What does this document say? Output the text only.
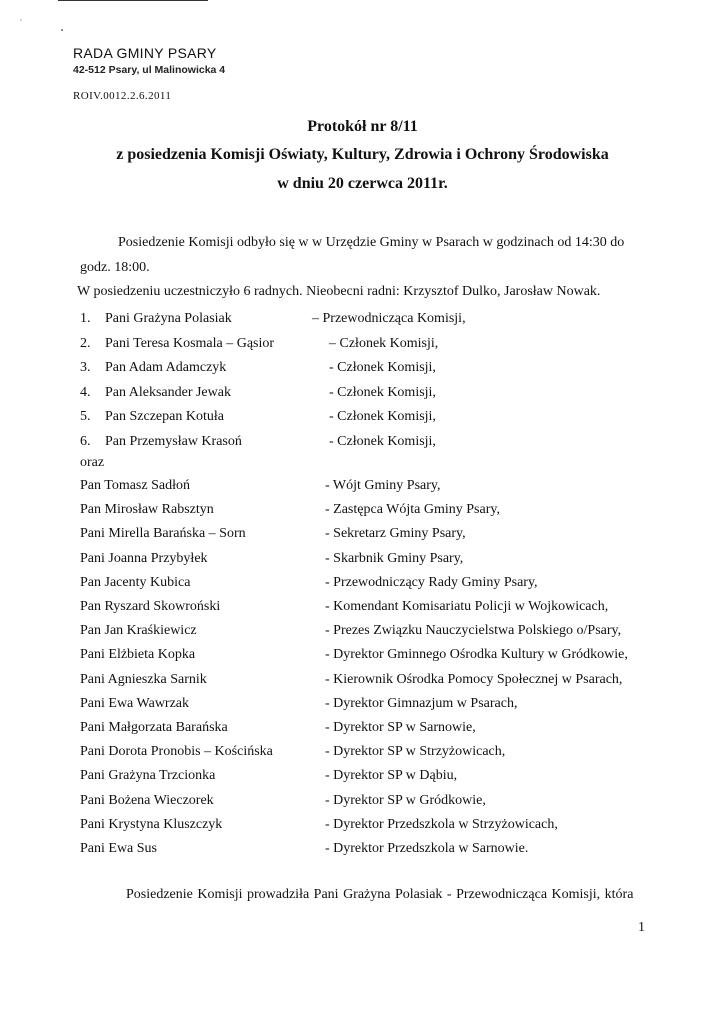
RADA GMINY PSARY
42-512 Psary, ul Malinowicka 4
ROIV.0012.2.6.2011
Protokół nr 8/11
z posiedzenia Komisji Oświaty, Kultury, Zdrowia i Ochrony Środowiska
w dniu 20 czerwca 2011r.
Posiedzenie Komisji odbyło się w w Urzędzie Gminy w Psarach w godzinach od 14:30 do
godz. 18:00.
W posiedzeniu uczestniczyło 6 radnych. Nieobecni radni: Krzysztof Dulko, Jarosław Nowak.
1. Pani Grażyna Polasiak	– Przewodnicząca Komisji,
2. Pani Teresa Kosmala – Gąsior	– Członek Komisji,
3. Pan Adam Adamczyk	- Członek Komisji,
4. Pan Aleksander Jewak	- Członek Komisji,
5. Pan Szczepan Kotuła	- Członek Komisji,
6. Pan Przemysław Krasoń	- Członek Komisji,
oraz
Pan Tomasz Sadłoń	- Wójt Gminy Psary,
Pan Mirosław Rabsztyn	- Zastępca Wójta Gminy Psary,
Pani Mirella Barańska – Sorn	- Sekretarz Gminy Psary,
Pani Joanna Przybyłek	- Skarbnik Gminy Psary,
Pan Jacenty Kubica	- Przewodniczący Rady Gminy Psary,
Pan Ryszard Skowroński	- Komendant Komisariatu Policji w Wojkowicach,
Pan Jan Kraśkiewicz	- Prezes Związku Nauczycielstwa Polskiego o/Psary,
Pani Elżbieta Kopka	- Dyrektor Gminnego Ośrodka Kultury w Gródkowie,
Pani Agnieszka Sarnik	- Kierownik Ośrodka Pomocy Społecznej w Psarach,
Pani Ewa Wawrzak	- Dyrektor Gimnazjum w Psarach,
Pani Małgorzata Barańska	- Dyrektor SP w Sarnowie,
Pani Dorota Pronobis – Kościńska	- Dyrektor SP w Strzyżowicach,
Pani Grażyna Trzcionka	- Dyrektor SP w Dąbiu,
Pani Bożena Wieczorek	- Dyrektor SP w Gródkowie,
Pani Krystyna Kluszczyk	- Dyrektor Przedszkola w Strzyżowicach,
Pani Ewa Sus	- Dyrektor Przedszkola w Sarnowie.
Posiedzenie Komisji prowadziła Pani Grażyna Polasiak - Przewodnicząca Komisji, która
1
